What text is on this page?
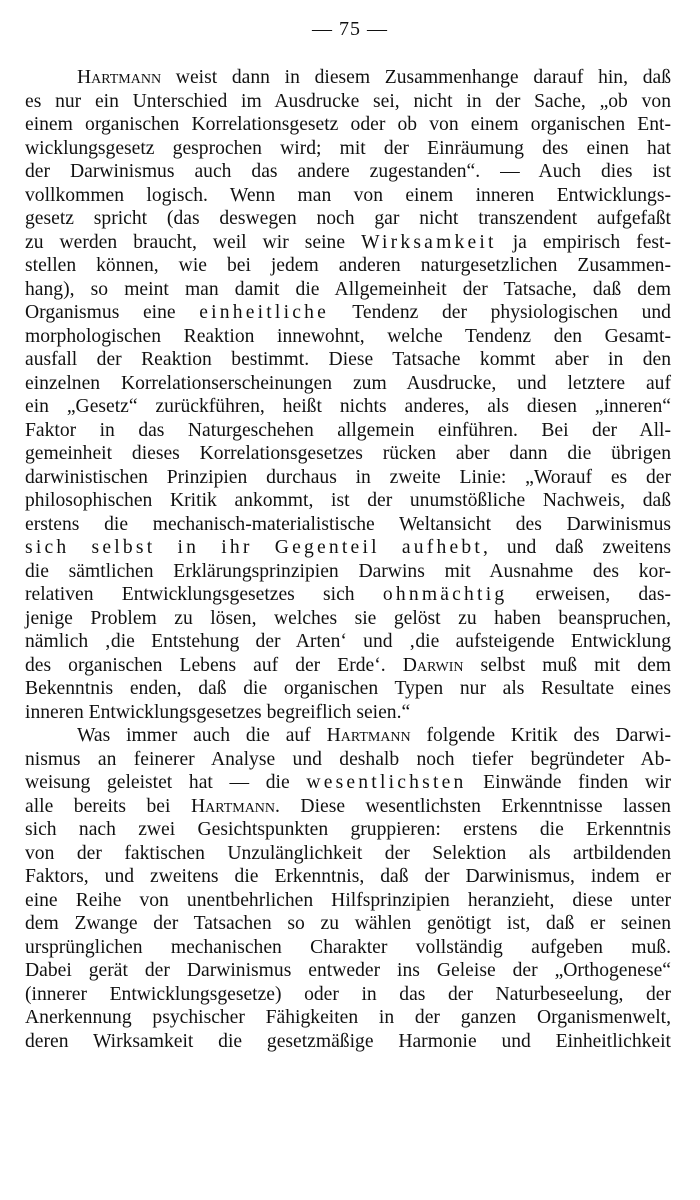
— 75 —
Hartmann weist dann in diesem Zusammenhange darauf hin, daß
es nur ein Unterschied im Ausdrucke sei, nicht in der Sache, „ob von
einem organischen Korrelationsgesetz oder ob von einem organischen Ent-
wicklungsgesetz gesprochen wird; mit der Einräumung des einen hat
der Darwinismus auch das andere zugestanden“. — Auch dies ist
vollkommen logisch. Wenn man von einem inneren Entwicklungs-
gesetz spricht (das deswegen noch gar nicht transzendent aufgefaßt
zu werden braucht, weil wir seine Wirksamkeit ja empirisch fest-
stellen können, wie bei jedem anderen naturgesetzlichen Zusammen-
hang), so meint man damit die Allgemeinheit der Tatsache, daß dem
Organismus eine einheitliche Tendenz der physiologischen und
morphologischen Reaktion innewohnt, welche Tendenz den Gesamt-
ausfall der Reaktion bestimmt. Diese Tatsache kommt aber in den
einzelnen Korrelationserscheinungen zum Ausdrucke, und letztere auf
ein „Gesetz“ zurückführen, heißt nichts anderes, als diesen „inneren“
Faktor in das Naturgeschehen allgemein einführen. Bei der All-
gemeinheit dieses Korrelationsgesetzes rücken aber dann die übrigen
darwinistischen Prinzipien durchaus in zweite Linie: „Worauf es der
philosophischen Kritik ankommt, ist der unumstößliche Nachweis, daß
erstens die mechanisch-materialistische Weltansicht des Darwinismus
sich selbst in ihr Gegenteil aufhebt, und daß zweitens
die sämtlichen Erklärungsprinzipien Darwins mit Ausnahme des kor-
relativen Entwicklungsgesetzes sich ohnmächtig erweisen, das-
jenige Problem zu lösen, welches sie gelöst zu haben beanspruchen,
nämlich ‚die Entstehung der Arten‘ und ‚die aufsteigende Entwicklung
des organischen Lebens auf der Erde‘. Darwin selbst muß mit dem
Bekenntnis enden, daß die organischen Typen nur als Resultate eines
inneren Entwicklungsgesetzes begreiflich seien.“
Was immer auch die auf Hartmann folgende Kritik des Darwi-
nismus an feinerer Analyse und deshalb noch tiefer begründeter Ab-
weisung geleistet hat — die wesentlichsten Einwände finden wir
alle bereits bei Hartmann. Diese wesentlichsten Erkenntnisse lassen
sich nach zwei Gesichtspunkten gruppieren: erstens die Erkenntnis
von der faktischen Unzulänglichkeit der Selektion als artbildenden
Faktors, und zweitens die Erkenntnis, daß der Darwinismus, indem er
eine Reihe von unentbehrlichen Hilfsprinzipien heranzieht, diese unter
dem Zwange der Tatsachen so zu wählen genötigt ist, daß er seinen
ursprünglichen mechanischen Charakter vollständig aufgeben muß.
Dabei gerät der Darwinismus entweder ins Geleise der „Orthogenese“
(innerer Entwicklungsgesetze) oder in das der Naturbeseelung, der
Anerkennung psychischer Fähigkeiten in der ganzen Organismenwelt,
deren Wirksamkeit die gesetzmäßige Harmonie und Einheitlichkeit
